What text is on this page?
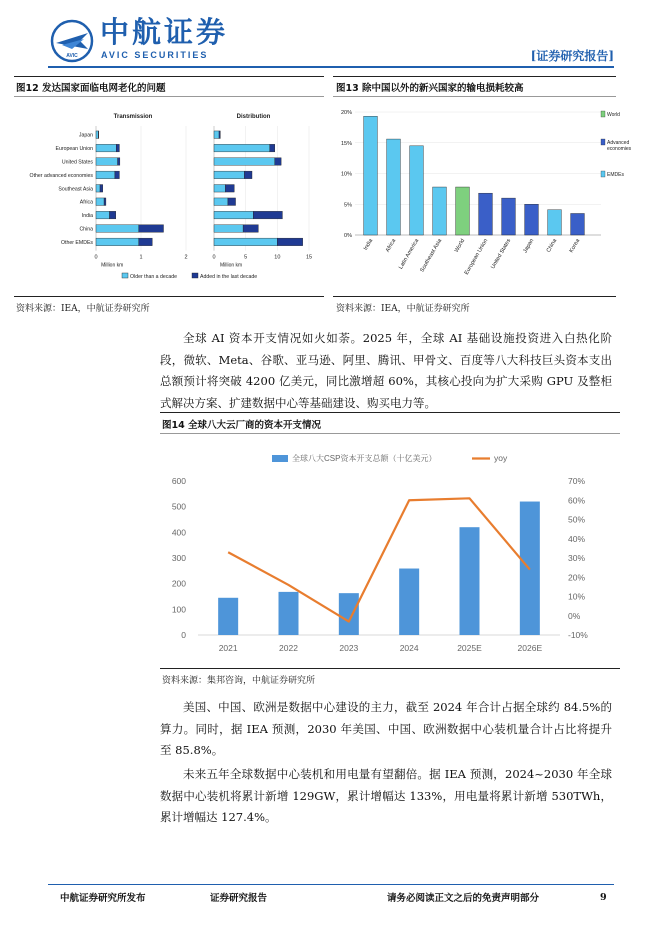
AVIC
中航证券
AVIC SECURITIES	[证券研究报告]
图12 发达国家面临电网老化的问题	图13 除中国以外的新兴国家的输电损耗较高
Japan
European Union
United States
Other advanced economies
Southeast Asia
Africa
India
China
Other EMDEs
Transmission
0	1	2
Million km
Distribution
0	5	10	15
Million km
Older than a decade	Added in the last decade
0%
5%
10%
15%
20%
India Africa Latin America Southeast Asia World
European Union United States Japan China Korea
World
Advanced
economies
EMDEs
资料来源：IEA，中航证券研究所	资料来源：IEA，中航证券研究所
全球 AI 资本开支情况如火如荼。2025 年，全球 AI 基础设施投资进入白热化阶段，微软、Meta、谷歌、亚马逊、阿里、腾讯、甲骨文、百度等八大科技巨头资本支出总额预计将突破 4200 亿美元，同比激增超 60%，其核心投向为扩大采购 GPU 及整柜式解决方案、扩建数据中心等基础建设、购买电力等。
图14 全球八大云厂商的资本开支情况
0
100
200
300
400
500
600
-10%
0%
10%
20%
30%
40%
50%
60%
70%
2021	2022	2023	2024	2025E	2026E
全球八大CSP资本开支总额（十亿美元）	yoy
资料来源：集邦咨询，中航证券研究所
美国、中国、欧洲是数据中心建设的主力，截至 2024 年合计占据全球约 84.5%的算力。同时，据 IEA 预测，2030 年美国、中国、欧洲数据中心装机量合计占比将提升至 85.8%。
未来五年全球数据中心装机和用电量有望翻倍。据 IEA 预测，2024~2030 年全球数据中心装机将累计新增 129GW，累计增幅达 133%，用电量将累计新增 530TWh，累计增幅达 127.4%。
中航证券研究所发布	证券研究报告	请务必阅读正文之后的免责声明部分	9
